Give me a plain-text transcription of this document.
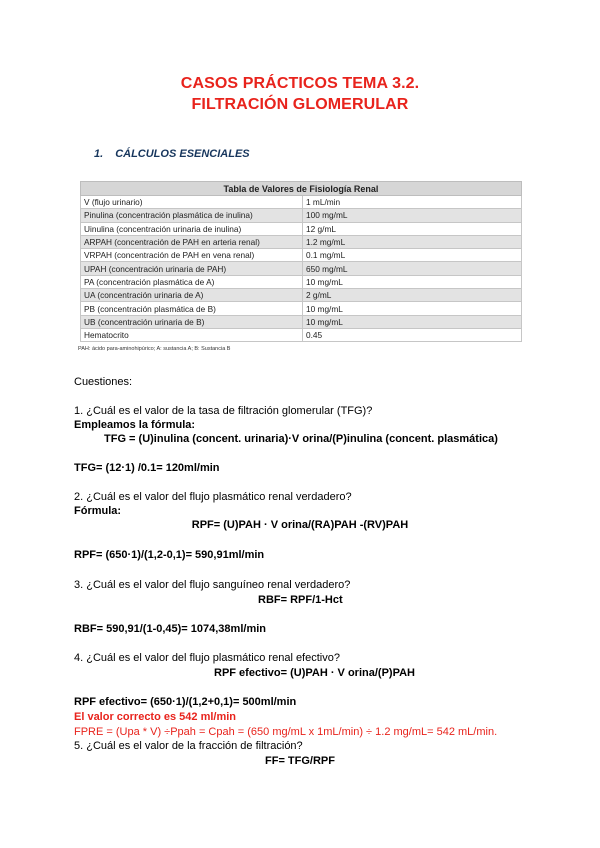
CASOS PRÁCTICOS TEMA 3.2.
FILTRACIÓN GLOMERULAR
1. CÁLCULOS ESENCIALES
Tabla de Valores de Fisiología Renal	
V (flujo urinario)	1 mL/min
Pinulina (concentración plasmática de inulina)	100 mg/mL
Uinulina (concentración urinaria de inulina)	12 g/mL
ARPAH (concentración de PAH en arteria renal)	1.2 mg/mL
VRPAH (concentración de PAH en vena renal)	0.1 mg/mL
UPAH (concentración urinaria de PAH)	650 mg/mL
PA (concentración plasmática de A)	10 mg/mL
UA (concentración urinaria de A)	2 g/mL
PB (concentración plasmática de B)	10 mg/mL
UB (concentración urinaria de B)	10 mg/mL
Hematocrito	0.45
PAH: ácido para-aminohipúrico; A: sustancia A; B: Sustancia B
Cuestiones:
1. ¿Cuál es el valor de la tasa de filtración glomerular (TFG)?
Empleamos la fórmula:
TFG = (U)inulina (concent. urinaria)·V orina/(P)inulina (concent. plasmática)
TFG= (12·1) /0.1= 120ml/min
2. ¿Cuál es el valor del flujo plasmático renal verdadero?
Fórmula:
RPF= (U)PAH · V orina/(RA)PAH -(RV)PAH
RPF= (650·1)/(1,2-0,1)= 590,91ml/min
3. ¿Cuál es el valor del flujo sanguíneo renal verdadero?
RBF= RPF/1-Hct
RBF= 590,91/(1-0,45)= 1074,38ml/min
4. ¿Cuál es el valor del flujo plasmático renal efectivo?
RPF efectivo= (U)PAH · V orina/(P)PAH
RPF efectivo= (650·1)/(1,2+0,1)= 500ml/min
El valor correcto es 542 ml/min
FPRE = (Upa * V) ÷Ppah = Cpah = (650 mg/mL x 1mL/min) ÷ 1.2 mg/mL= 542 mL/min.
5. ¿Cuál es el valor de la fracción de filtración?
FF= TFG/RPF
